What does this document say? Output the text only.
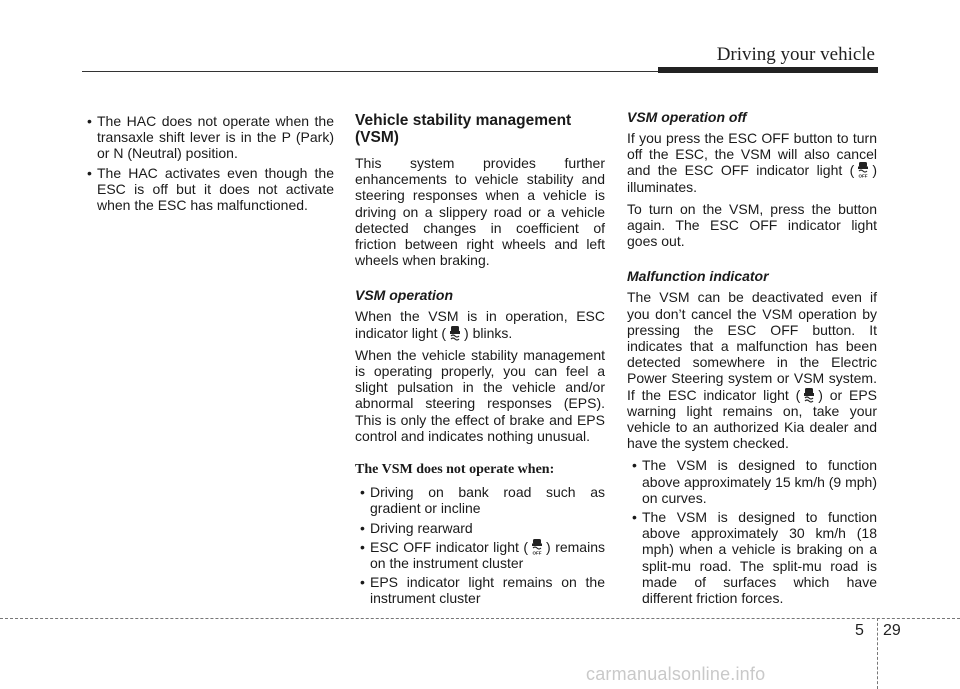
Driving your vehicle

• The HAC does not operate when the transaxle shift lever is in the P (Park) or N (Neutral) position.

• The HAC activates even though the ESC is off but it does not activate when the ESC has malfunctioned.

Vehicle stability management (VSM)

This system provides further enhancements to vehicle stability and steering responses when a vehicle is driving on a slippery road or a vehicle detected changes in coefficient of friction between right wheels and left wheels when braking.

VSM operation

When the VSM is in operation, ESC indicator light ( ) blinks.

When the vehicle stability management is operating properly, you can feel a slight pulsation in the vehicle and/or abnormal steering responses (EPS). This is only the effect of brake and EPS control and indicates nothing unusual.

The VSM does not operate when:

• Driving on bank road such as gradient or incline

• Driving rearward

• ESC OFF indicator light ( OFF ) remains on the instrument cluster

• EPS indicator light remains on the instrument cluster

VSM operation off

If you press the ESC OFF button to turn off the ESC, the VSM will also cancel and the ESC OFF indicator light ( OFF ) illuminates.

To turn on the VSM, press the button again. The ESC OFF indicator light goes out.

Malfunction indicator

The VSM can be deactivated even if you don’t cancel the VSM operation by pressing the ESC OFF button. It indicates that a malfunction has been detected somewhere in the Electric Power Steering system or VSM system. If the ESC indicator light ( ) or EPS warning light remains on, take your vehicle to an authorized Kia dealer and have the system checked.

• The VSM is designed to function above approximately 15 km/h (9 mph) on curves.

• The VSM is designed to function above approximately 30 km/h (18 mph) when a vehicle is braking on a split-mu road. The split-mu road is made of surfaces which have different friction forces.

5 29
carmanualsonline.info
